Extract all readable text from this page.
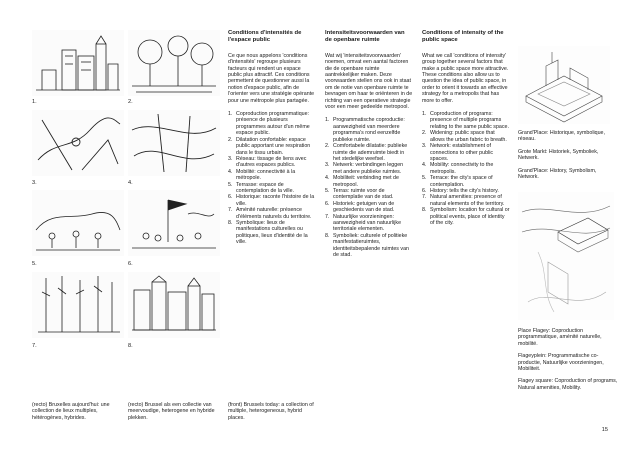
1.	2.
3.	4.
5.	6.
7.	8.
Conditions d'intensités de l'espace public

Ce que nous appelons 'conditions d'intensités' regroupe plusieurs facteurs qui rendent un espace public plus attractif. Ces conditions permettent de questionner aussi la notion d'espace public, afin de l'orienter vers une stratégie opérante pour une métropole plus partagée.

1. Coproduction programmatique: présence de plusieurs programmes autour d'un même espace public.
2. Dilatation confortable: espace public apportant une respiration dans le tissu urbain.
3. Réseau: tissage de liens avec d'autres espaces publics.
4. Mobilité: connectivité à la métropole.
5. Terrasse: espace de contemplation de la ville.
6. Historique: raconte l'histoire de la ville.
7. Aménité naturelle: présence d'éléments naturels du territoire.
8. Symbolique: lieux de manifestations culturelles ou politiques, lieux d'identité de la ville.
Intensiteitsvoorwaarden van de openbare ruimte

Wat wij 'intensiteitsvoorwaarden' noemen, omvat een aantal factoren die de openbare ruimte aantrekkelijker maken. Deze voorwaarden stellen ons ook in staat om de notie van openbare ruimte te bevragen om haar te oriënteren in de richting van een operatieve strategie voor een meer gedeelde metropool.

1. Programmatische coproductie: aanwezigheid van meerdere programma's rond eenzelfde publieke ruimte.
2. Comfortabele dilatatie: publieke ruimte die ademruimte biedt in het stedelijke weefsel.
3. Netwerk: verbindingen leggen met andere publieke ruimtes.
4. Mobiliteit: verbinding met de metropool.
5. Terras: ruimte voor de contemplatie van de stad.
6. Historiek: getuigen van de geschiedenis van de stad.
7. Natuurlijke voorzieningen: aanwezigheid van natuurlijke territoriale elementen.
8. Symboliek: culturele of politieke manifestatieruimtes, identiteitsbepalende ruimtes van de stad.
Conditions of intensity of the public space

What we call 'conditions of intensity' group together several factors that make a public space more attractive. These conditions also allow us to question the idea of public space, in order to orient it towards an effective strategy for a metropolis that has more to offer.

1. Coproduction of programs: presence of multiple programs relating to the same public space.
2. Widening: public space that allows the urban fabric to breath.
3. Network: establishment of connections to other public spaces.
4. Mobility: connectivity to the metropolis.
5. Terrace: the city's space of contemplation.
6. History: tells the city's history.
7. Natural amenities: presence of natural elements of the territory.
8. Symbolism: location for cultural or political events, place of identity of the city.
(recto) Bruxelles aujourd'hui: une collection de lieux multiples, hétérogènes, hybrides.
(recto) Brussel als een collectie van meervoudige, heterogene en hybride plekken.
(front) Brussels today: a collection of multiple, heterogeneous, hybrid places.

Grand'Place: Historique, symbolique, réseau.

Grote Markt: Historiek, Symboliek, Netwerk.

Grand'Place: History, Symbolism, Network.

Place Flagey: Coproduction programmatique, aménité naturelle, mobilité.

Flageyplein: Programmatische co-productie, Natuurlijke voorzieningen, Mobiliteit.

Flagey square: Coproduction of programs, Natural amenities, Mobility.

15
